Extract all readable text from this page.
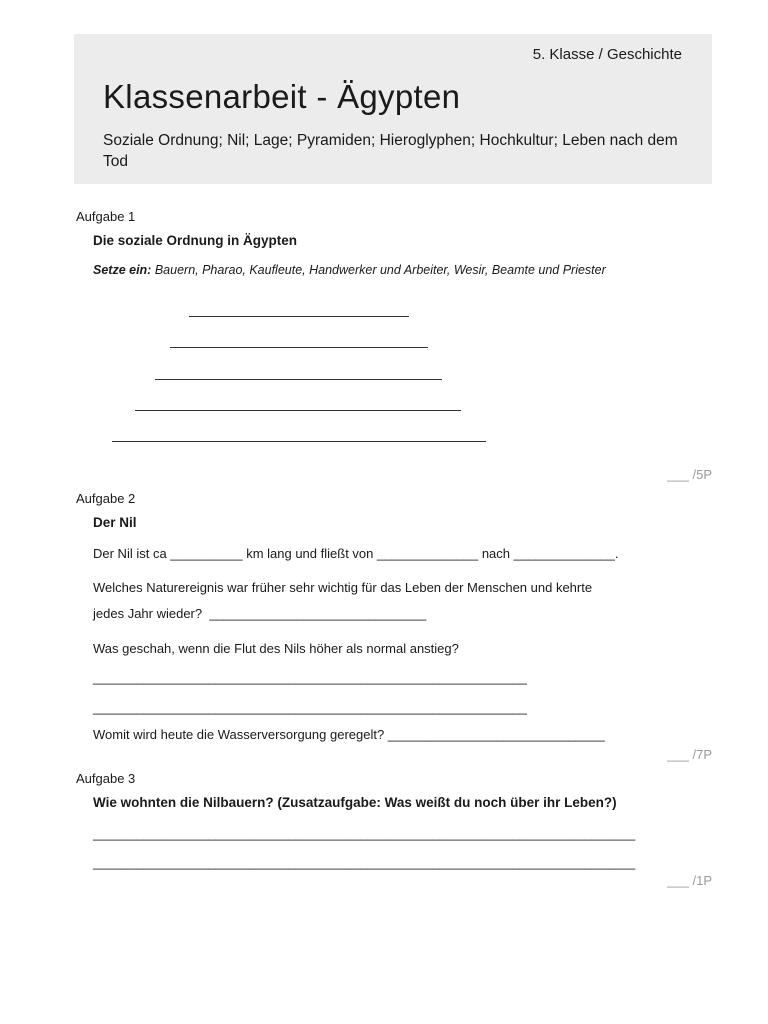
5. Klasse / Geschichte
Klassenarbeit - Ägypten
Soziale Ordnung; Nil; Lage; Pyramiden; Hieroglyphen; Hochkultur; Leben nach dem Tod
Aufgabe 1
Die soziale Ordnung in Ägypten
Setze ein: Bauern, Pharao, Kaufleute, Handwerker und Arbeiter, Wesir, Beamte und Priester
___ /5P
Aufgabe 2
Der Nil
Der Nil ist ca __________ km lang und fließt von ______________ nach ______________.
Welches Naturereignis war früher sehr wichtig für das Leben der Menschen und kehrte
jedes Jahr wieder?  ______________________________
Was geschah, wenn die Flut des Nils höher als normal anstieg?
____________________________________________________________
____________________________________________________________
Womit wird heute die Wasserversorgung geregelt? ______________________________
___ /7P
Aufgabe 3
Wie wohnten die Nilbauern? (Zusatzaufgabe: Was weißt du noch über ihr Leben?)
___________________________________________________________________________
___________________________________________________________________________
___ /1P
